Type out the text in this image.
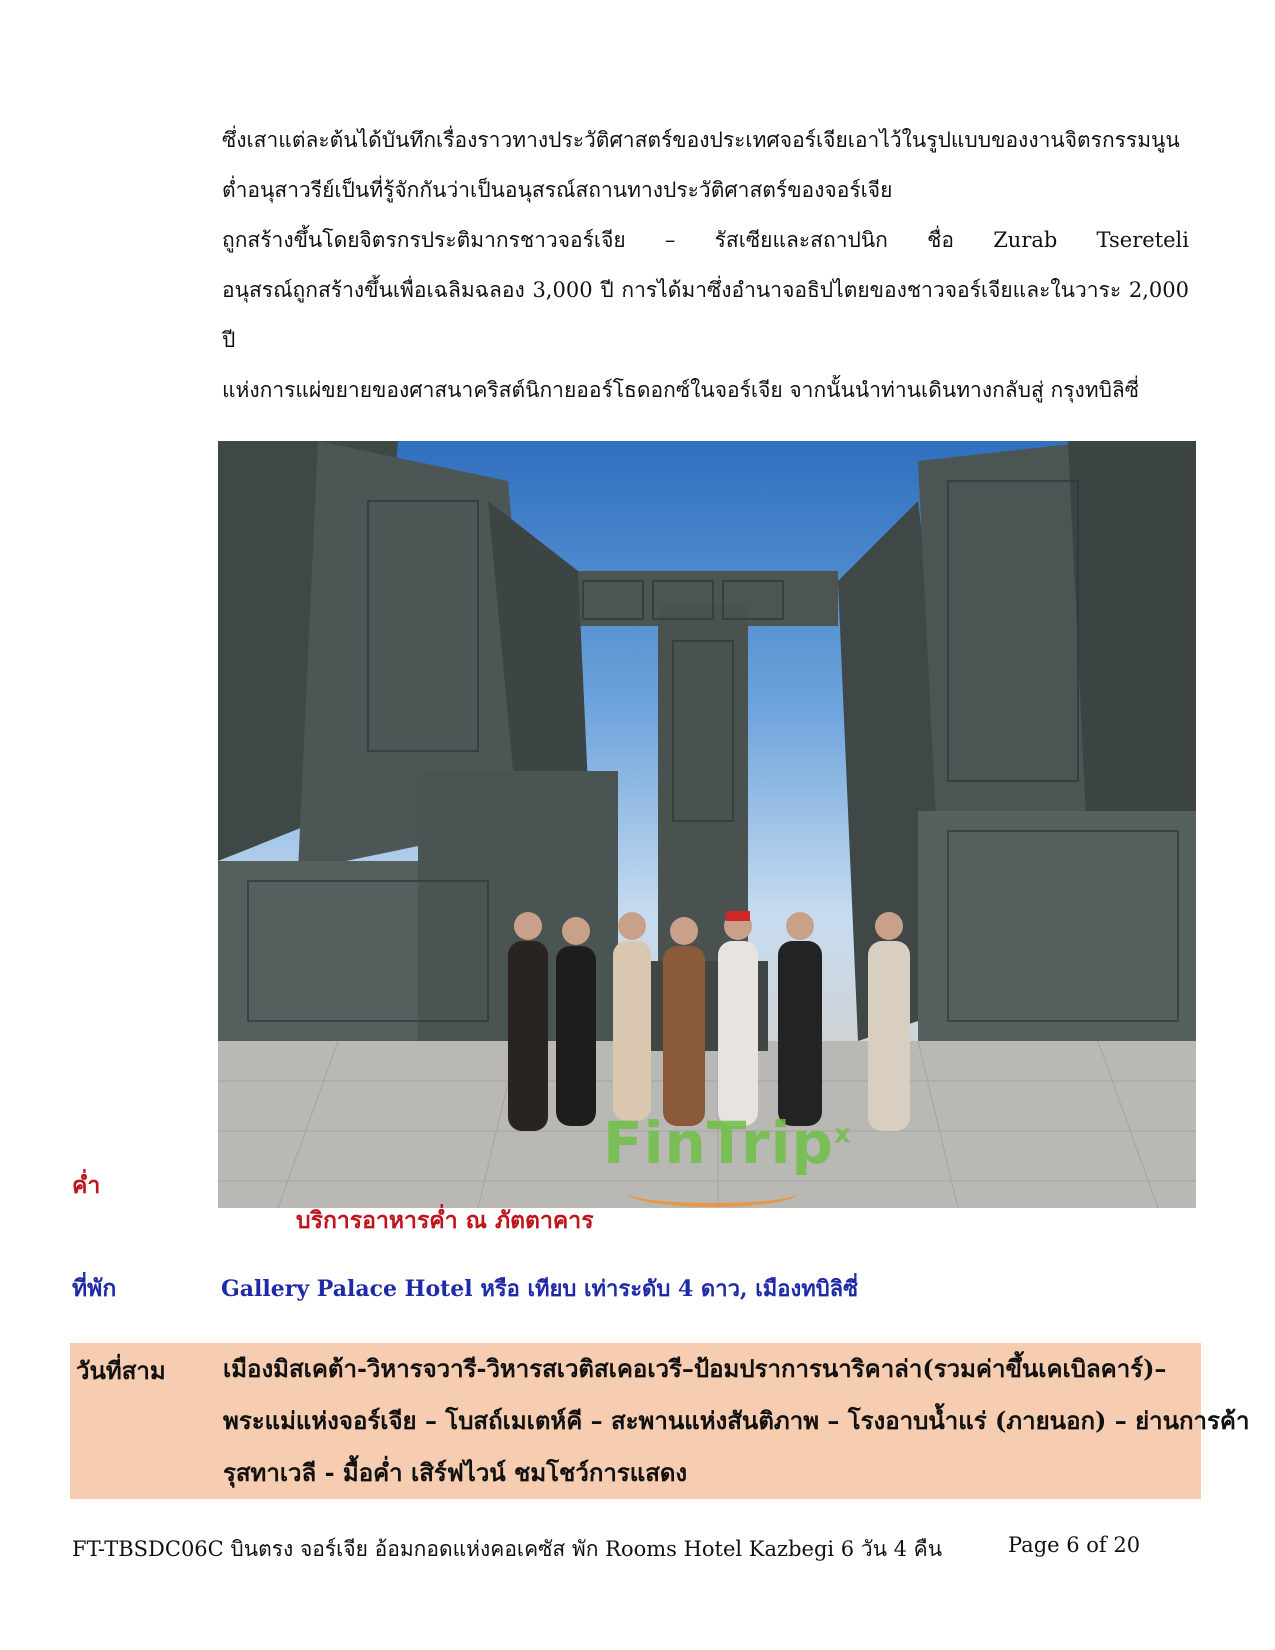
ซึ่งเสาแต่ละต้นได้บันทึกเรื่องราวทางประวัติศาสตร์ของประเทศจอร์เจียเอาไว้ในรูปแบบของงานจิตรกรรมนูน

ต่ำอนุสาวรีย์เป็นที่รู้จักกันว่าเป็นอนุสรณ์สถานทางประวัติศาสตร์ของจอร์เจีย

ถูกสร้างขึ้นโดยจิตรกรประติมากรชาวจอร์เจีย – รัสเซียและสถาปนิก ชื่อ Zurab Tsereteli

อนุสรณ์ถูกสร้างขึ้นเพื่อเฉลิมฉลอง 3,000 ปี การได้มาซึ่งอำนาจอธิปไตยของชาวจอร์เจียและในวาระ 2,000 ปี

แห่งการแผ่ขยายของศาสนาคริสต์นิกายออร์โธดอกซ์ในจอร์เจีย จากนั้นนำท่านเดินทางกลับสู่ กรุงทบิลิซี่

FinTrip$^x$
ค่ำ
บริการอาหารค่ำ ณ ภัตตาคาร
ที่พัก	Gallery Palace Hotel หรือ เทียบ เท่าระดับ 4 ดาว, เมืองทบิลิซี่
วันที่สาม เมืองมิสเคต้า-วิหารจวารี-วิหารสเวติสเคอเวรี–ป้อมปราการนาริคาล่า(รวมค่าขึ้นเคเบิลคาร์)–
พระแม่แห่งจอร์เจีย – โบสถ์เมเตห์คี – สะพานแห่งสันติภาพ – โรงอาบน้ำแร่ (ภายนอก) – ย่านการค้า
รุสทาเวลี - มื้อค่ำ เสิร์ฟไวน์ ชมโชว์การแสดง
FT-TBSDC06C บินตรง จอร์เจีย อ้อมกอดแห่งคอเคซัส พัก Rooms Hotel Kazbegi 6 วัน 4 คืน	Page 6 of 20
